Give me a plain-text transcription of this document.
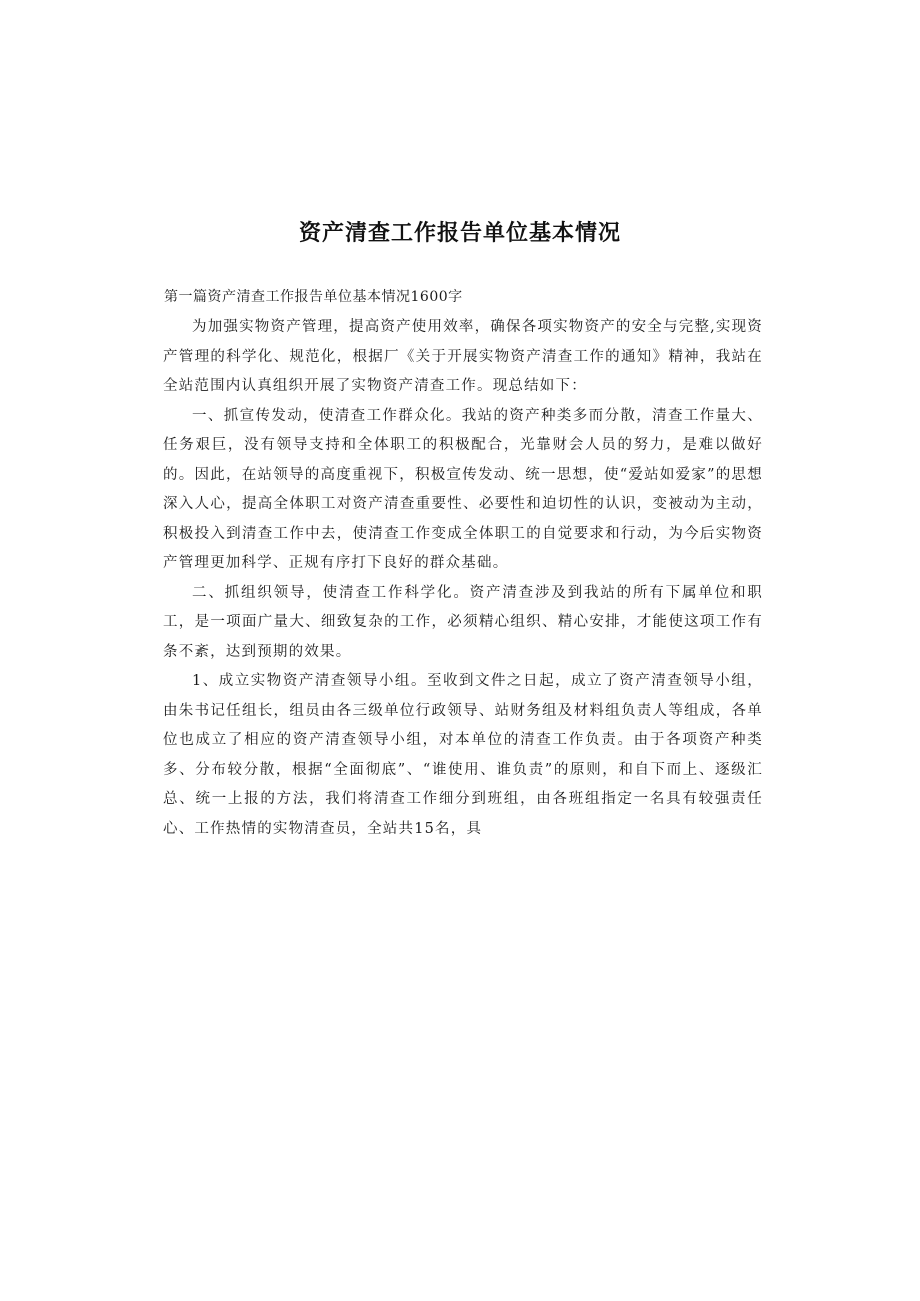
资产清查工作报告单位基本情况
第一篇资产清查工作报告单位基本情况1600字

为加强实物资产管理，提高资产使用效率，确保各项实物资产的安全与完整,实现资产管理的科学化、规范化，根据厂《关于开展实物资产清查工作的通知》精神，我站在全站范围内认真组织开展了实物资产清查工作。现总结如下：

一、抓宣传发动，使清查工作群众化。我站的资产种类多而分散，清查工作量大、任务艰巨，没有领导支持和全体职工的积极配合，光靠财会人员的努力，是难以做好的。因此，在站领导的高度重视下，积极宣传发动、统一思想，使“爱站如爱家”的思想深入人心，提高全体职工对资产清查重要性、必要性和迫切性的认识，变被动为主动，积极投入到清查工作中去，使清查工作变成全体职工的自觉要求和行动，为今后实物资产管理更加科学、正规有序打下良好的群众基础。

二、抓组织领导，使清查工作科学化。资产清查涉及到我站的所有下属单位和职工，是一项面广量大、细致复杂的工作，必须精心组织、精心安排，才能使这项工作有条不紊，达到预期的效果。

1、成立实物资产清查领导小组。至收到文件之日起，成立了资产清查领导小组，由朱书记任组长，组员由各三级单位行政领导、站财务组及材料组负责人等组成，各单位也成立了相应的资产清查领导小组，对本单位的清查工作负责。由于各项资产种类多、分布较分散，根据“全面彻底”、“谁使用、谁负责”的原则，和自下而上、逐级汇总、统一上报的方法，我们将清查工作细分到班组，由各班组指定一名具有较强责任心、工作热情的实物清查员，全站共15名，具
